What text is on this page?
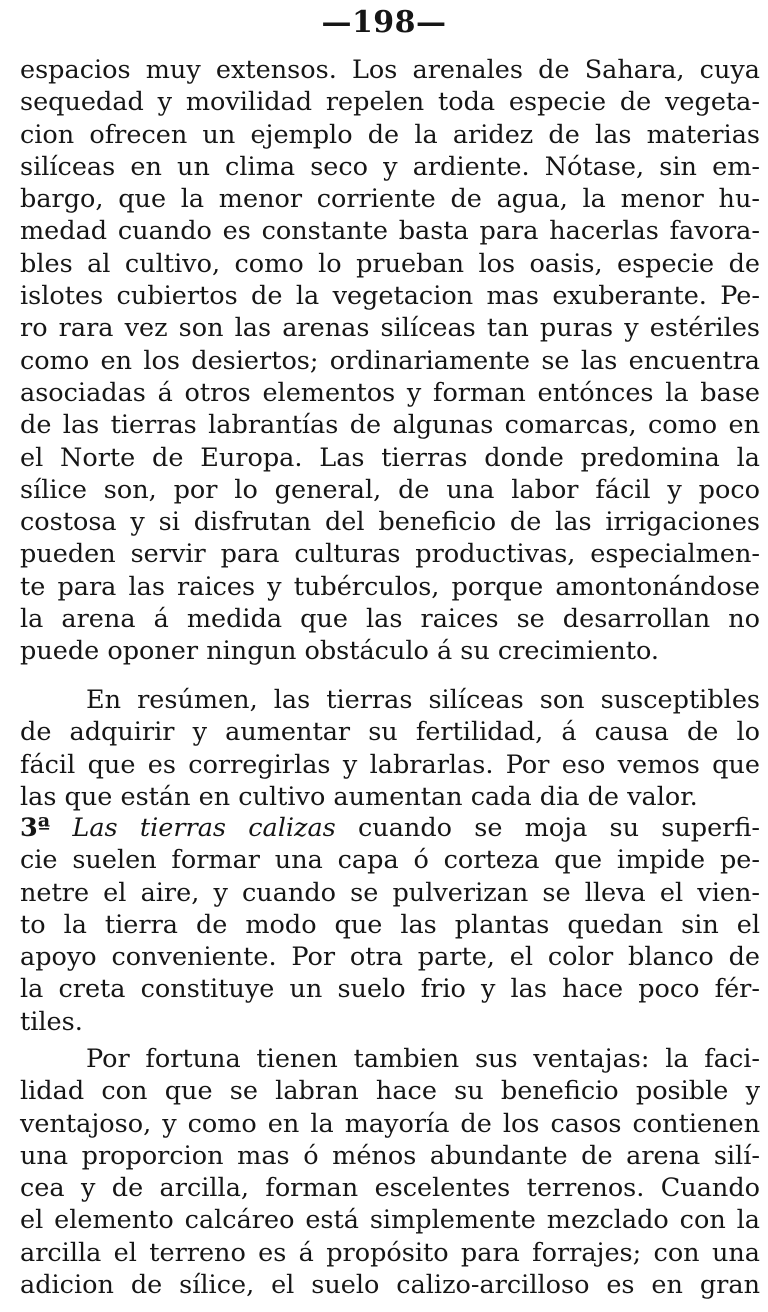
—198—
espacios muy extensos. Los arenales de Sahara, cuya
sequedad y movilidad repelen toda especie de vegeta-
cion ofrecen un ejemplo de la aridez de las materias
silíceas en un clima seco y ardiente. Nótase, sin em-
bargo, que la menor corriente de agua, la menor hu-
medad cuando es constante basta para hacerlas favora-
bles al cultivo, como lo prueban los oasis, especie de
islotes cubiertos de la vegetacion mas exuberante. Pe-
ro rara vez son las arenas silíceas tan puras y estériles
como en los desiertos; ordinariamente se las encuentra
asociadas á otros elementos y forman entónces la base
de las tierras labrantías de algunas comarcas, como en
el Norte de Europa. Las tierras donde predomina la
sílice son, por lo general, de una labor fácil y poco
costosa y si disfrutan del beneficio de las irrigaciones
pueden servir para culturas productivas, especialmen-
te para las raices y tubérculos, porque amontonándose
la arena á medida que las raices se desarrollan no
puede oponer ningun obstáculo á su crecimiento.
En resúmen, las tierras silíceas son susceptibles
de adquirir y aumentar su fertilidad, á causa de lo
fácil que es corregirlas y labrarlas. Por eso vemos que
las que están en cultivo aumentan cada dia de valor.
3ª Las tierras calizas cuando se moja su superfi-
cie suelen formar una capa ó corteza que impide pe-
netre el aire, y cuando se pulverizan se lleva el vien-
to la tierra de modo que las plantas quedan sin el
apoyo conveniente. Por otra parte, el color blanco de
la creta constituye un suelo frio y las hace poco fér-
tiles.
Por fortuna tienen tambien sus ventajas: la faci-
lidad con que se labran hace su beneficio posible y
ventajoso, y como en la mayoría de los casos contienen
una proporcion mas ó ménos abundante de arena silí-
cea y de arcilla, forman escelentes terrenos. Cuando
el elemento calcáreo está simplemente mezclado con la
arcilla el terreno es á propósito para forrajes; con una
adicion de sílice, el suelo calizo-arcilloso es en gran
